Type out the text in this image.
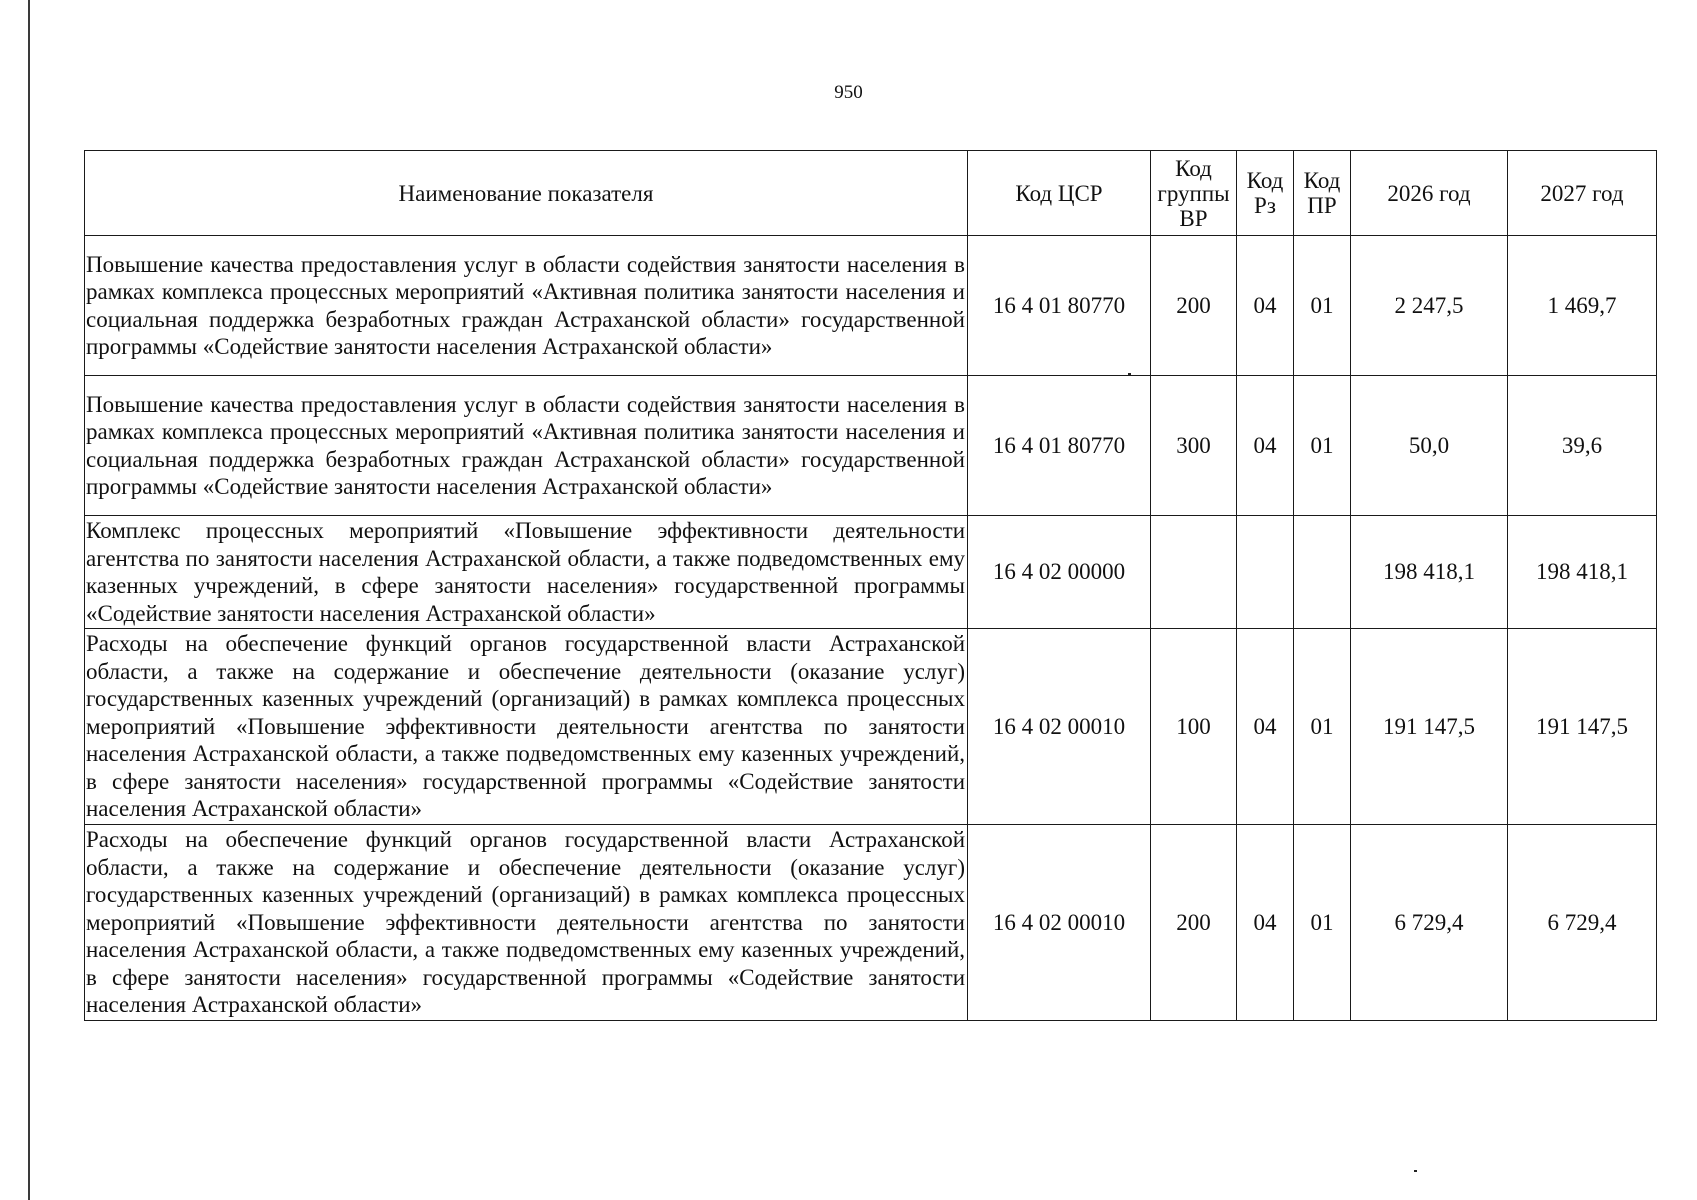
950
Наименование показателя	Код ЦСР	Код группы ВР	Код Рз	Код ПР	2026 год	2027 год
Повышение качества предоставления услуг в области содействия занятости населения в рамках комплекса процессных мероприятий «Активная политика занятости населения и социальная поддержка безработных граждан Астраханской области» государственной программы «Содействие занятости населения Астраханской области»	16 4 01 80770	200	04	01	2 247,5	1 469,7
Повышение качества предоставления услуг в области содействия занятости населения в рамках комплекса процессных мероприятий «Активная политика занятости населения и социальная поддержка безработных граждан Астраханской области» государственной программы «Содействие занятости населения Астраханской области»	16 4 01 80770	300	04	01	50,0	39,6
Комплекс процессных мероприятий «Повышение эффективности деятельности агентства по занятости населения Астраханской области, а также подведомственных ему казенных учреждений, в сфере занятости населения» государственной программы «Содействие занятости населения Астраханской области»	16 4 02 00000				198 418,1	198 418,1
Расходы на обеспечение функций органов государственной власти Астраханской области, а также на содержание и обеспечение деятельности (оказание услуг) государственных казенных учреждений (организаций) в рамках комплекса процессных мероприятий «Повышение эффективности деятельности агентства по занятости населения Астраханской области, а также подведомственных ему казенных учреждений, в сфере занятости населения» государственной программы «Содействие занятости населения Астраханской области»	16 4 02 00010	100	04	01	191 147,5	191 147,5
Расходы на обеспечение функций органов государственной власти Астраханской области, а также на содержание и обеспечение деятельности (оказание услуг) государственных казенных учреждений (организаций) в рамках комплекса процессных мероприятий «Повышение эффективности деятельности агентства по занятости населения Астраханской области, а также подведомственных ему казенных учреждений, в сфере занятости населения» государственной программы «Содействие занятости населения Астраханской области»	16 4 02 00010	200	04	01	6 729,4	6 729,4
